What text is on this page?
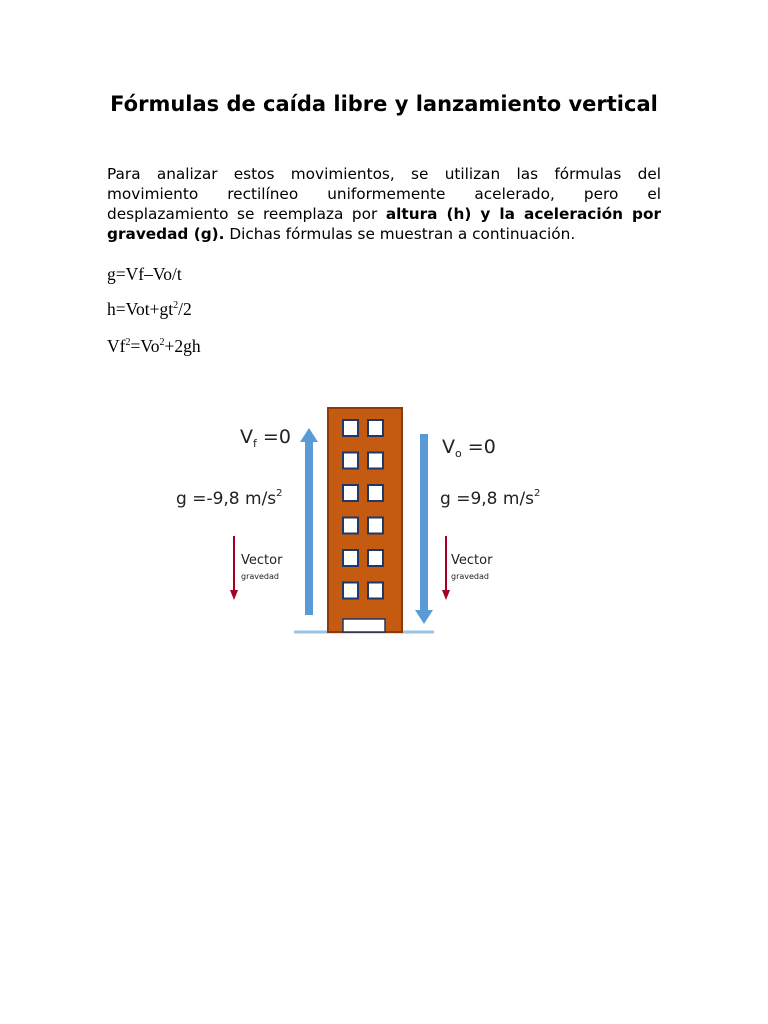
Fórmulas de caída libre y lanzamiento vertical
Para analizar estos movimientos, se utilizan las fórmulas del movimiento rectilíneo uniformemente acelerado, pero el desplazamiento se reemplaza por altura (h) y la aceleración por gravedad (g). Dichas fórmulas se muestran a continuación.
g=Vf–Vo/t
$h=Vot+gt^2/2$
$Vf^2=Vo^2+2gh$
$V_f =0$
g =-9,8 $m/s^2$
Vector
gravedad
$V_o =0$
g =9,8 $m/s^2$
Vector
gravedad
